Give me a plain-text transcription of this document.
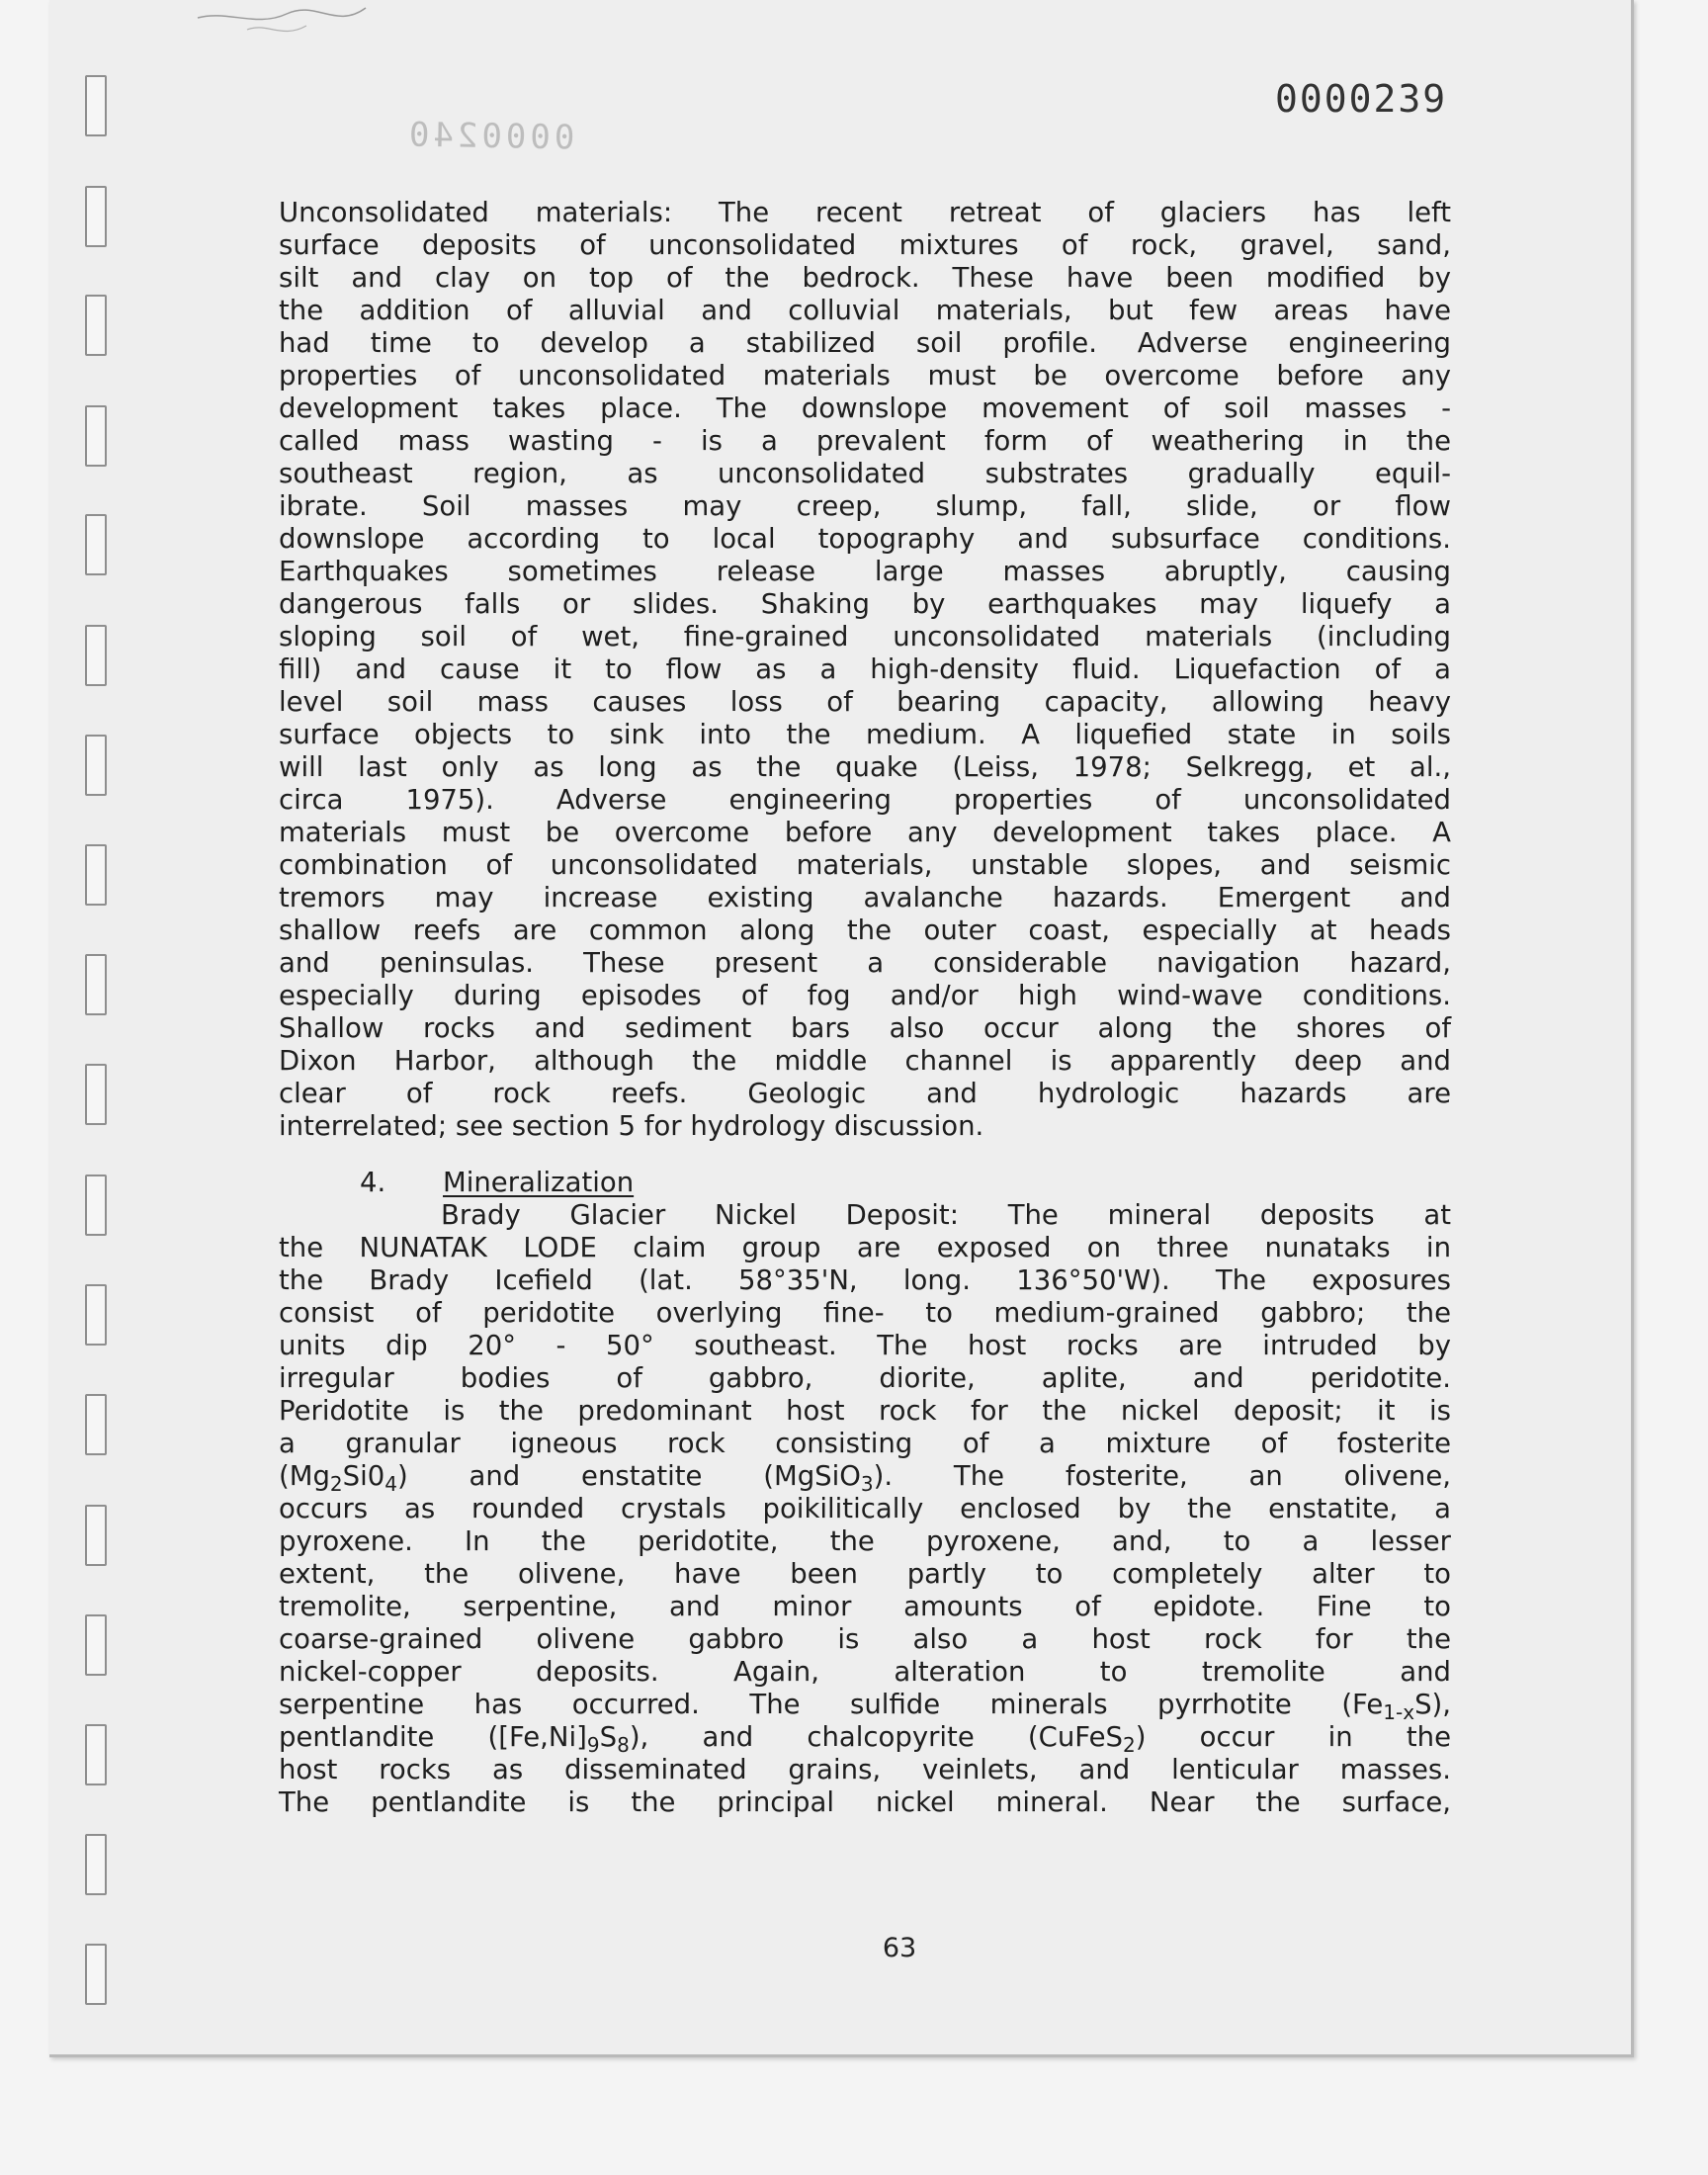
0000239
0000240
Unconsolidated materials: The recent retreat of glaciers has left
surface deposits of unconsolidated mixtures of rock, gravel, sand,
silt and clay on top of the bedrock. These have been modified by
the addition of alluvial and colluvial materials, but few areas have
had time to develop a stabilized soil profile. Adverse engineering
properties of unconsolidated materials must be overcome before any
development takes place. The downslope movement of soil masses -
called mass wasting - is a prevalent form of weathering in the
southeast region, as unconsolidated substrates gradually equil-
ibrate. Soil masses may creep, slump, fall, slide, or flow
downslope according to local topography and subsurface conditions.
Earthquakes sometimes release large masses abruptly, causing
dangerous falls or slides. Shaking by earthquakes may liquefy a
sloping soil of wet, fine-grained unconsolidated materials (including
fill) and cause it to flow as a high-density fluid. Liquefaction of a
level soil mass causes loss of bearing capacity, allowing heavy
surface objects to sink into the medium. A liquefied state in soils
will last only as long as the quake (Leiss, 1978; Selkregg, et al.,
circa 1975). Adverse engineering properties of unconsolidated
materials must be overcome before any development takes place. A
combination of unconsolidated materials, unstable slopes, and seismic
tremors may increase existing avalanche hazards. Emergent and
shallow reefs are common along the outer coast, especially at heads
and peninsulas. These present a considerable navigation hazard,
especially during episodes of fog and/or high wind-wave conditions.
Shallow rocks and sediment bars also occur along the shores of
Dixon Harbor, although the middle channel is apparently deep and
clear of rock reefs. Geologic and hydrologic hazards are
interrelated; see section 5 for hydrology discussion.
4. Mineralization
Brady Glacier Nickel Deposit: The mineral deposits at
the NUNATAK LODE claim group are exposed on three nunataks in
the Brady Icefield (lat. 58°35'N, long. 136°50'W). The exposures
consist of peridotite overlying fine- to medium-grained gabbro; the
units dip 20° - 50° southeast. The host rocks are intruded by
irregular bodies of gabbro, diorite, aplite, and peridotite.
Peridotite is the predominant host rock for the nickel deposit; it is
a granular igneous rock consisting of a mixture of fosterite
$(Mg_2Si0_4)$ and enstatite (MgSiO$_3$). The fosterite, an olivene,
occurs as rounded crystals poikilitically enclosed by the enstatite, a
pyroxene. In the peridotite, the pyroxene, and, to a lesser
extent, the olivene, have been partly to completely alter to
tremolite, serpentine, and minor amounts of epidote. Fine to
coarse-grained olivene gabbro is also a host rock for the
nickel-copper deposits. Again, alteration to tremolite and
serpentine has occurred. The sulfide minerals pyrrhotite $(Fe_{1-x}S)$,
pentlandite $([Fe,Ni]_9S_8)$, and chalcopyrite (CuFeS$_2$) occur in the
host rocks as disseminated grains, veinlets, and lenticular masses.
The pentlandite is the principal nickel mineral. Near the surface,
63
